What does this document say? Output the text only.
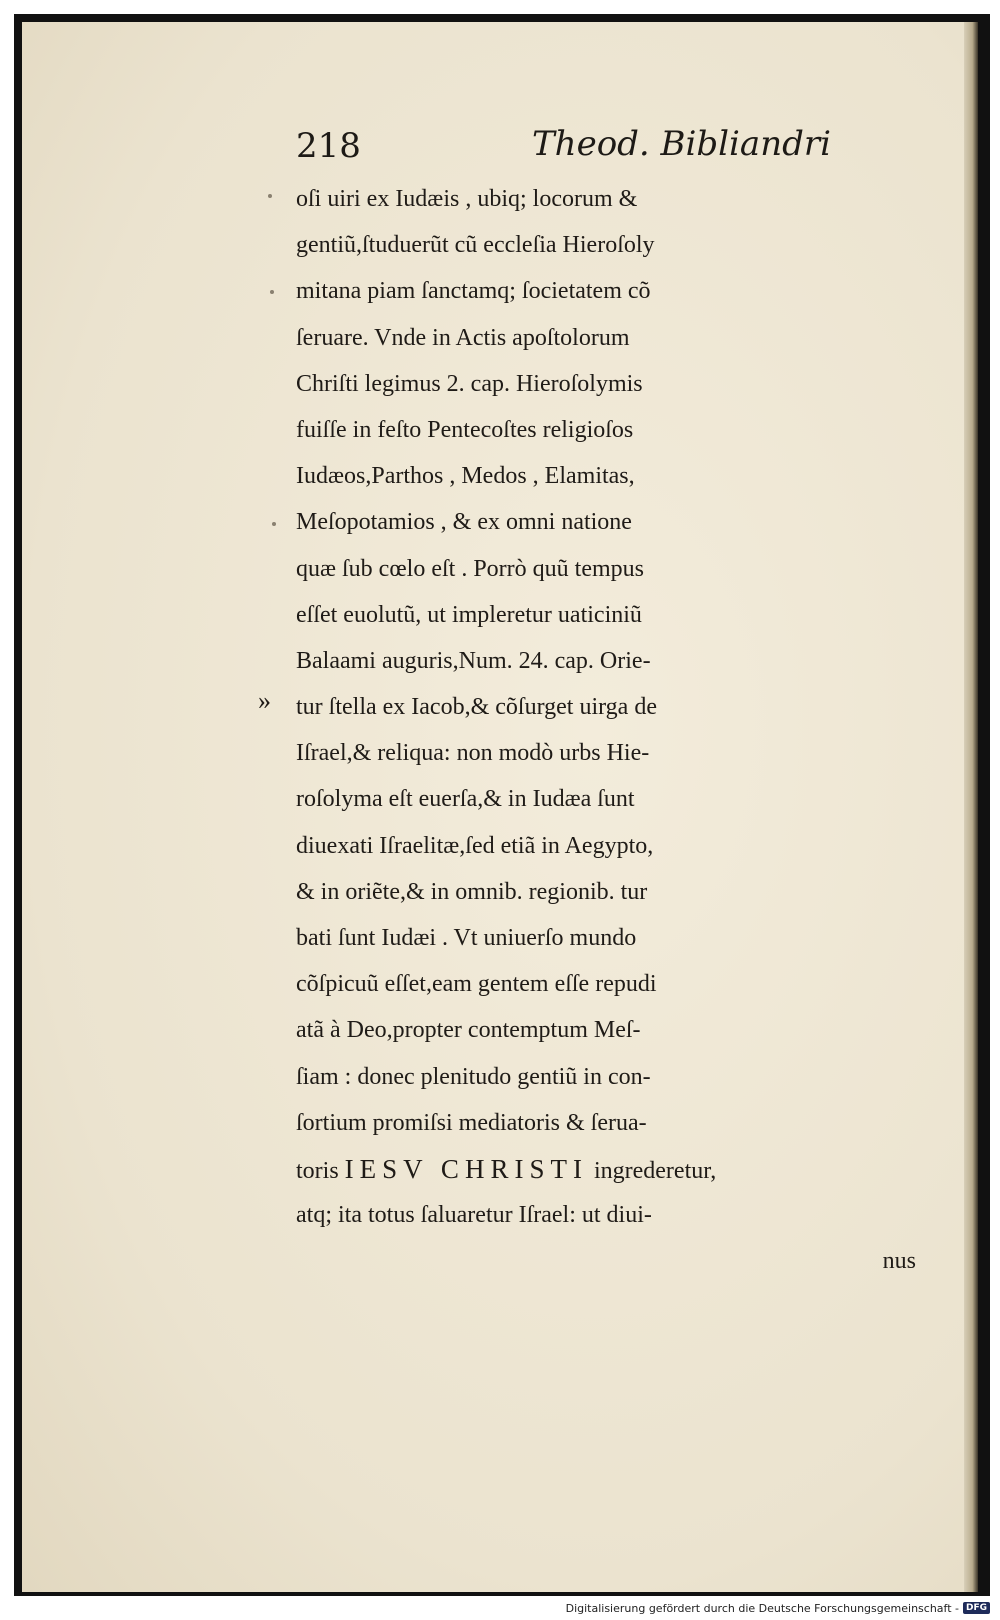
218	Theod. Bibliandri
»
oſi uiri ex Iudæis , ubiq; locorum &
gentiũ,ſtuduerũt cũ eccleſia Hieroſoly
mitana piam ſanctamq; ſocietatem cõ
ſeruare. Vnde in Actis apoſtolorum
Chriſti legimus 2. cap. Hieroſolymis
fuiſſe in feſto Pentecoſtes religioſos
Iudæos,Parthos , Medos , Elamitas,
Meſopotamios , & ex omni natione
quæ ſub cœlo eſt . Porrò quũ tempus
eſſet euolutũ, ut impleretur uaticiniũ
Balaami auguris,Num. 24. cap. Orie-
tur ſtella ex Iacob,& cõſurget uirga de
Iſrael,& reliqua: non modò urbs Hie-
roſolyma eſt euerſa,& in Iudæa ſunt
diuexati Iſraelitæ,ſed etiã in Aegypto,
& in oriẽte,& in omnib. regionib. tur
bati ſunt Iudæi . Vt uniuerſo mundo
cõſpicuũ eſſet,eam gentem eſſe repudi
atã à Deo,propter contemptum Meſ-
ſiam : donec plenitudo gentiũ in con-
ſortium promiſsi mediatoris & ſerua-
toris IESV CHRISTI ingrederetur,
atq; ita totus ſaluaretur Iſrael: ut diui-
nus
Digitalisierung gefördert durch die Deutsche Forschungsgemeinschaft - DFG
